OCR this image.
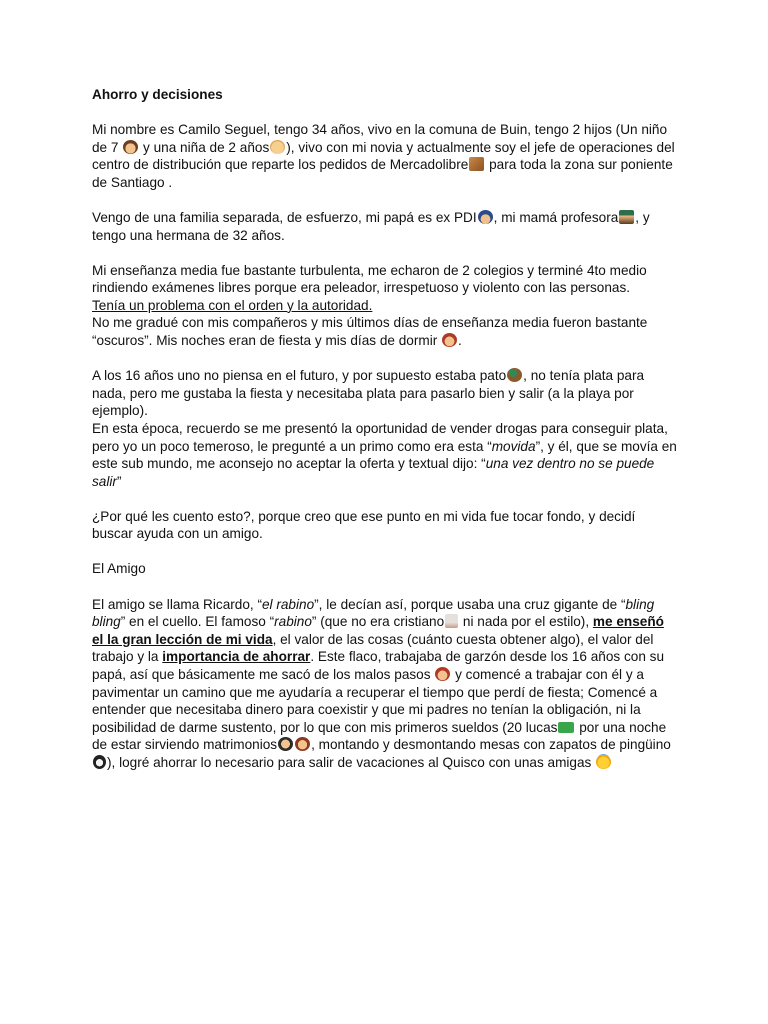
Ahorro y decisiones

Mi nombre es Camilo Seguel, tengo 34 años, vivo en la comuna de Buin, tengo 2 hijos (Un niño de 7 y una niña de 2 años ), vivo con mi novia y actualmente soy el jefe de operaciones del centro de distribución que reparte los pedidos de Mercadolibre para toda la zona sur poniente de Santiago .

Vengo de una familia separada, de esfuerzo, mi papá es ex PDI , mi mamá profesora , y tengo una hermana de 32 años.

Mi enseñanza media fue bastante turbulenta, me echaron de 2 colegios y terminé 4to medio rindiendo exámenes libres porque era peleador, irrespetuoso y violento con las personas.
Tenía un problema con el orden y la autoridad.
No me gradué con mis compañeros y mis últimos días de enseñanza media fueron bastante “oscuros”. Mis noches eran de fiesta y mis días de dormir .

A los 16 años uno no piensa en el futuro, y por supuesto estaba pato , no tenía plata para nada, pero me gustaba la fiesta y necesitaba plata para pasarlo bien y salir (a la playa por ejemplo).
En esta época, recuerdo se me presentó la oportunidad de vender drogas para conseguir plata, pero yo un poco temeroso, le pregunté a un primo como era esta “movida”, y él, que se movía en este sub mundo, me aconsejo no aceptar la oferta y textual dijo: “una vez dentro no se puede salir”

¿Por qué les cuento esto?, porque creo que ese punto en mi vida fue tocar fondo, y decidí buscar ayuda con un amigo.

El Amigo

El amigo se llama Ricardo, “el rabino”, le decían así, porque usaba una cruz gigante de “bling bling” en el cuello. El famoso “rabino” (que no era cristiano ni nada por el estilo), me enseñó el la gran lección de mi vida, el valor de las cosas (cuánto cuesta obtener algo), el valor del trabajo y la importancia de ahorrar. Este flaco, trabajaba de garzón desde los 16 años con su papá, así que básicamente me sacó de los malos pasos y comencé a trabajar con él y a pavimentar un camino que me ayudaría a recuperar el tiempo que perdí de fiesta; Comencé a entender que necesitaba dinero para coexistir y que mi padres no tenían la obligación, ni la posibilidad de darme sustento, por lo que con mis primeros sueldos (20 lucas por una noche de estar sirviendo matrimonios	, montando y desmontando mesas con zapatos de pingüino), logré ahorrar lo necesario para salir de vacaciones al Quisco con unas amigas
